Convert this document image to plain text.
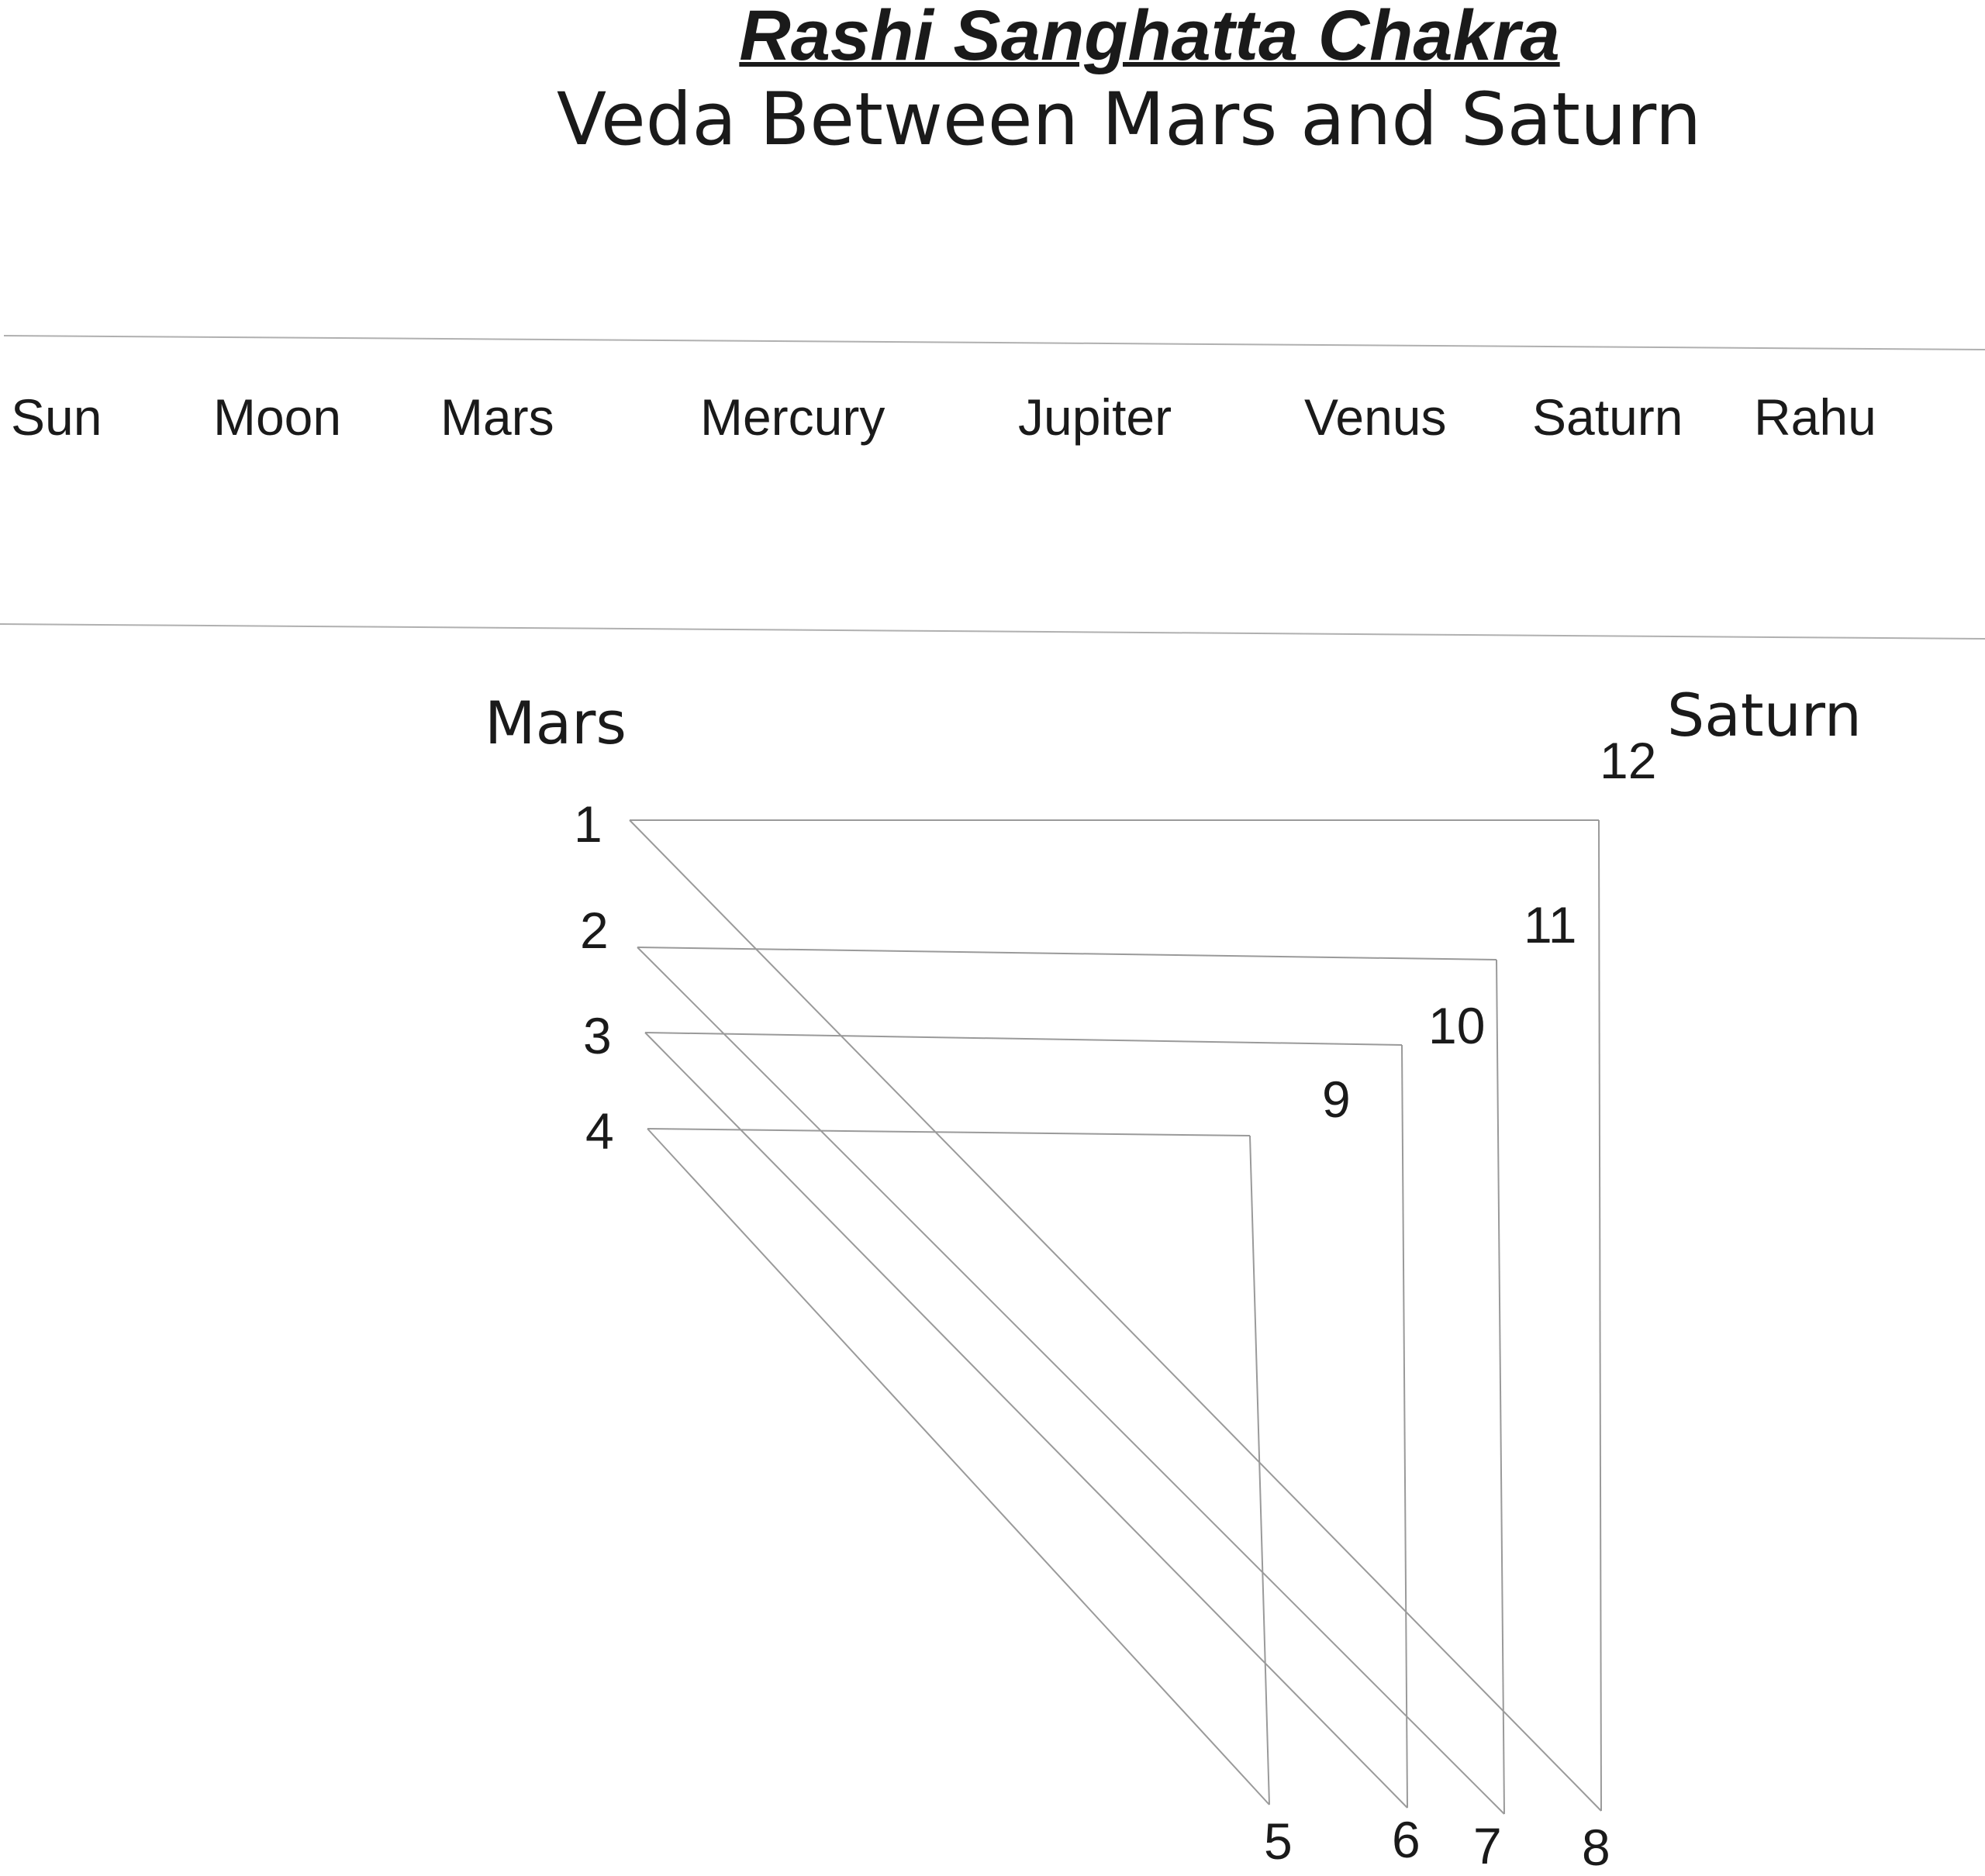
Rashi Sanghatta Chakra
Veda Between Mars and Saturn
Sun Moon Mars	Mercury	Jupiter	Venus Saturn Rahu
Mars	Saturn
1
2
3
4
5 6 7 8
9
10
11
12
